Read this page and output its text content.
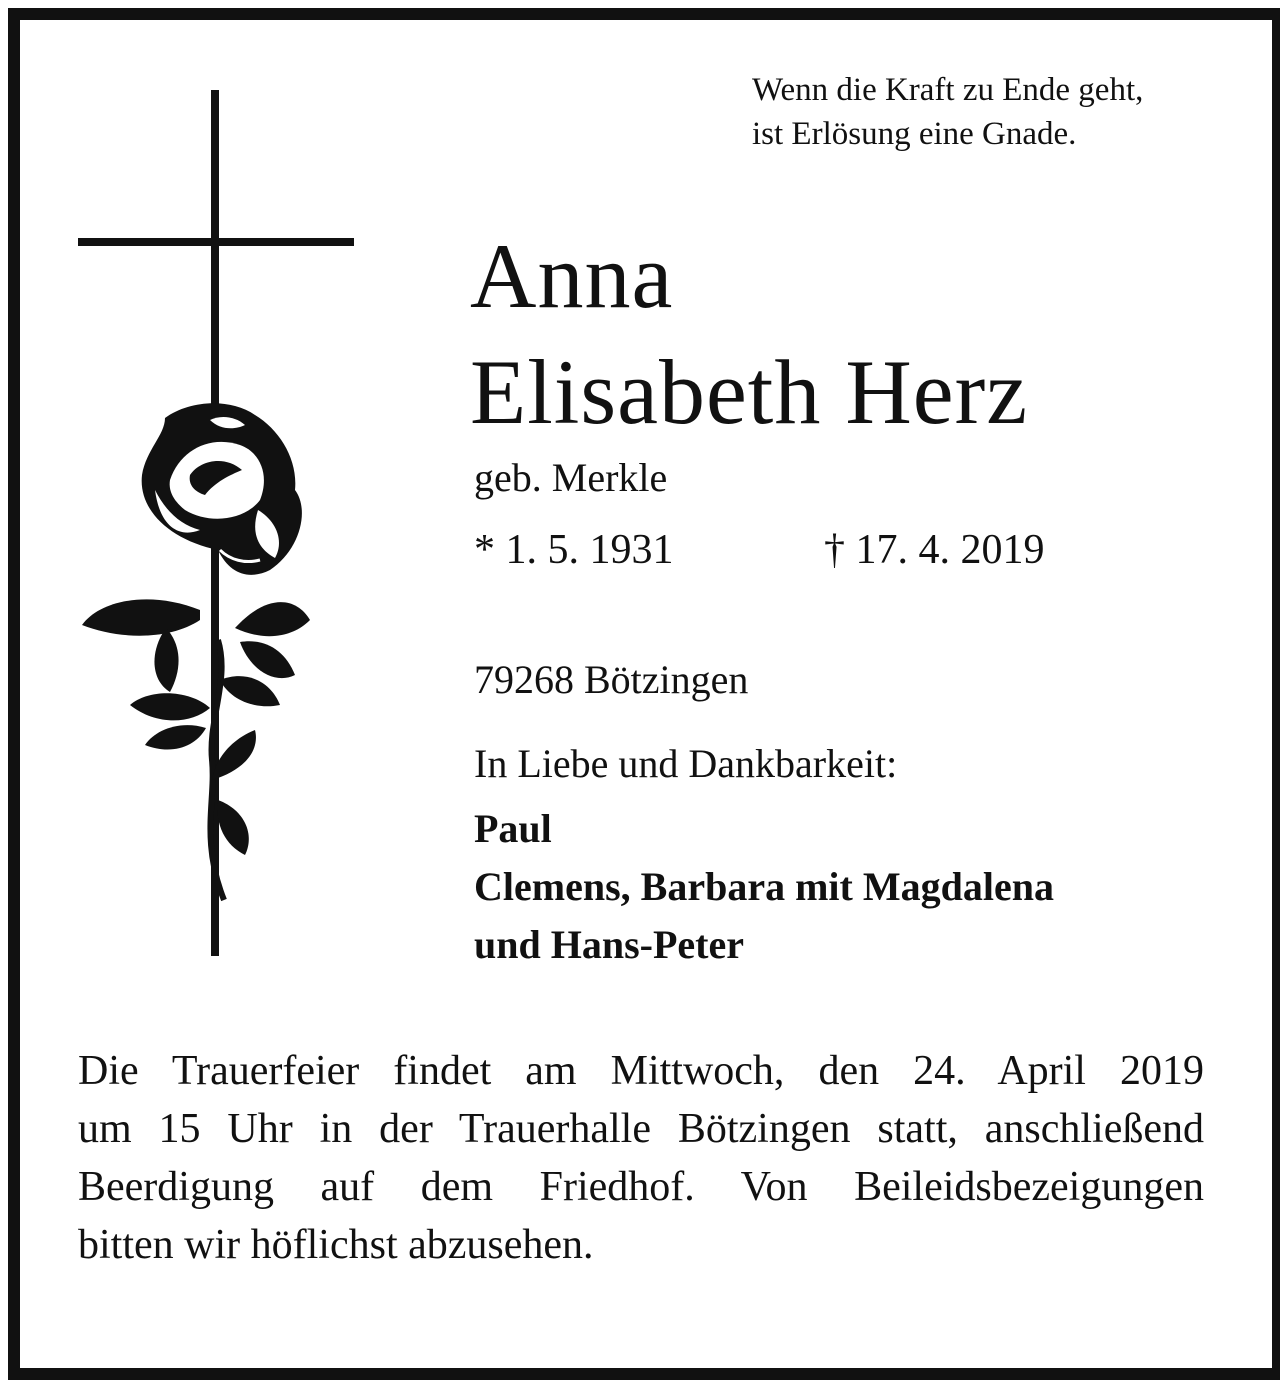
Wenn die Kraft zu Ende geht,
ist Erlösung eine Gnade.
Anna
Elisabeth Herz
geb. Merkle
* 1. 5. 1931	† 17. 4. 2019
79268 Bötzingen
In Liebe und Dankbarkeit:
Paul
Clemens, Barbara mit Magdalena
und Hans-Peter
Die Trauerfeier findet am Mittwoch, den 24. April 2019
um 15 Uhr in der Trauerhalle Bötzingen statt, anschließend
Beerdigung auf dem Friedhof. Von Beileidsbezeigungen
bitten wir höflichst abzusehen.
